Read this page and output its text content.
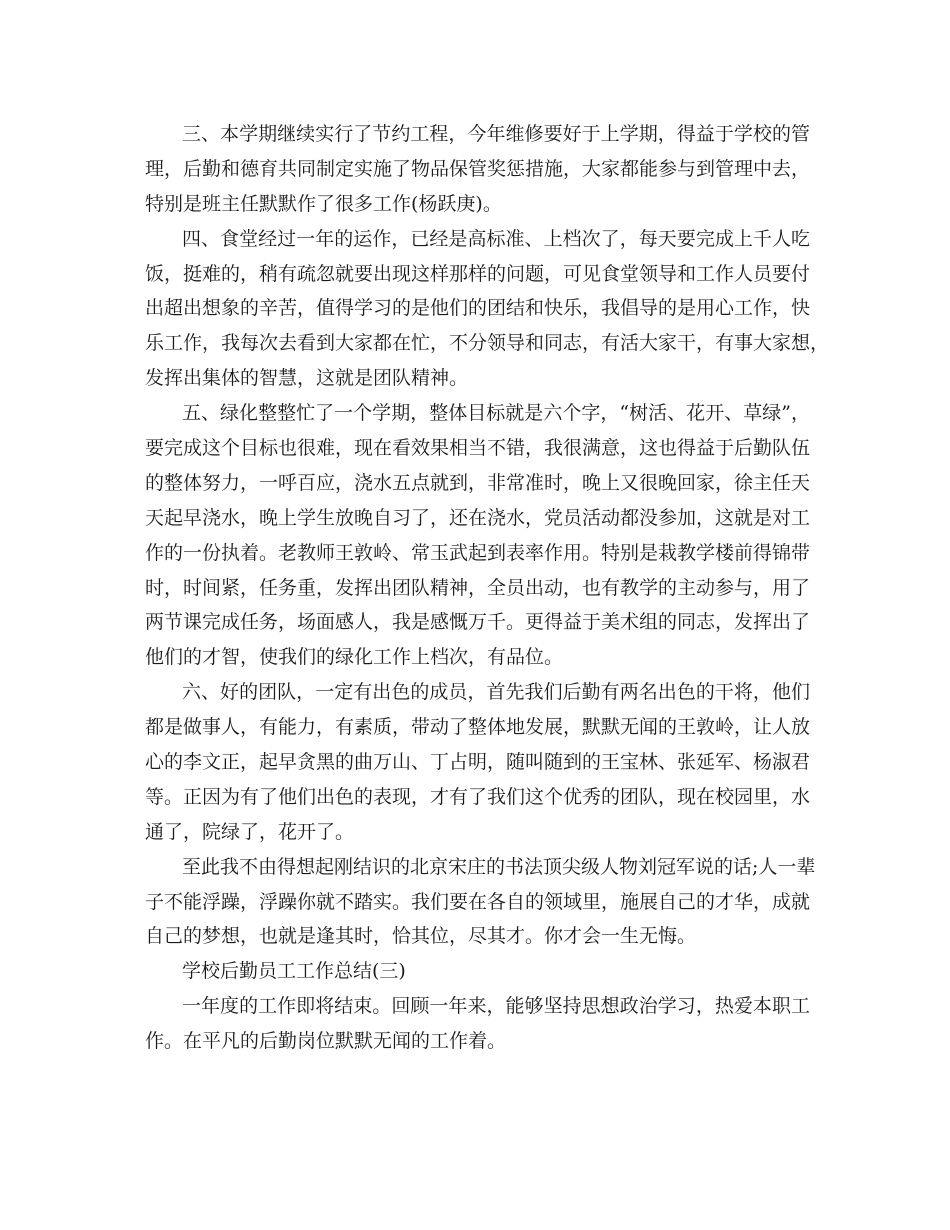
三、本学期继续实行了节约工程，今年维修要好于上学期，得益于学校的管
理，后勤和德育共同制定实施了物品保管奖惩措施，大家都能参与到管理中去，
特别是班主任默默作了很多工作(杨跃庚)。
四、食堂经过一年的运作，已经是高标准、上档次了，每天要完成上千人吃
饭，挺难的，稍有疏忽就要出现这样那样的问题，可见食堂领导和工作人员要付
出超出想象的辛苦，值得学习的是他们的团结和快乐，我倡导的是用心工作，快
乐工作，我每次去看到大家都在忙，不分领导和同志，有活大家干，有事大家想，
发挥出集体的智慧，这就是团队精神。
五、绿化整整忙了一个学期，整体目标就是六个字，“树活、花开、草绿”，
要完成这个目标也很难，现在看效果相当不错，我很满意，这也得益于后勤队伍
的整体努力，一呼百应，浇水五点就到，非常准时，晚上又很晚回家，徐主任天
天起早浇水，晚上学生放晚自习了，还在浇水，党员活动都没参加，这就是对工
作的一份执着。老教师王敦岭、常玉武起到表率作用。特别是栽教学楼前得锦带
时，时间紧，任务重，发挥出团队精神，全员出动，也有教学的主动参与，用了
两节课完成任务，场面感人，我是感慨万千。更得益于美术组的同志，发挥出了
他们的才智，使我们的绿化工作上档次，有品位。
六、好的团队，一定有出色的成员，首先我们后勤有两名出色的干将，他们
都是做事人，有能力，有素质，带动了整体地发展，默默无闻的王敦岭，让人放
心的李文正，起早贪黑的曲万山、丁占明，随叫随到的王宝林、张延军、杨淑君
等。正因为有了他们出色的表现，才有了我们这个优秀的团队，现在校园里，水
通了，院绿了，花开了。
至此我不由得想起刚结识的北京宋庄的书法顶尖级人物刘冠军说的话;人一辈
子不能浮躁，浮躁你就不踏实。我们要在各自的领域里，施展自己的才华，成就
自己的梦想，也就是逢其时，恰其位，尽其才。你才会一生无悔。
学校后勤员工工作总结(三)
一年度的工作即将结束。回顾一年来，能够坚持思想政治学习，热爱本职工
作。在平凡的后勤岗位默默无闻的工作着。
